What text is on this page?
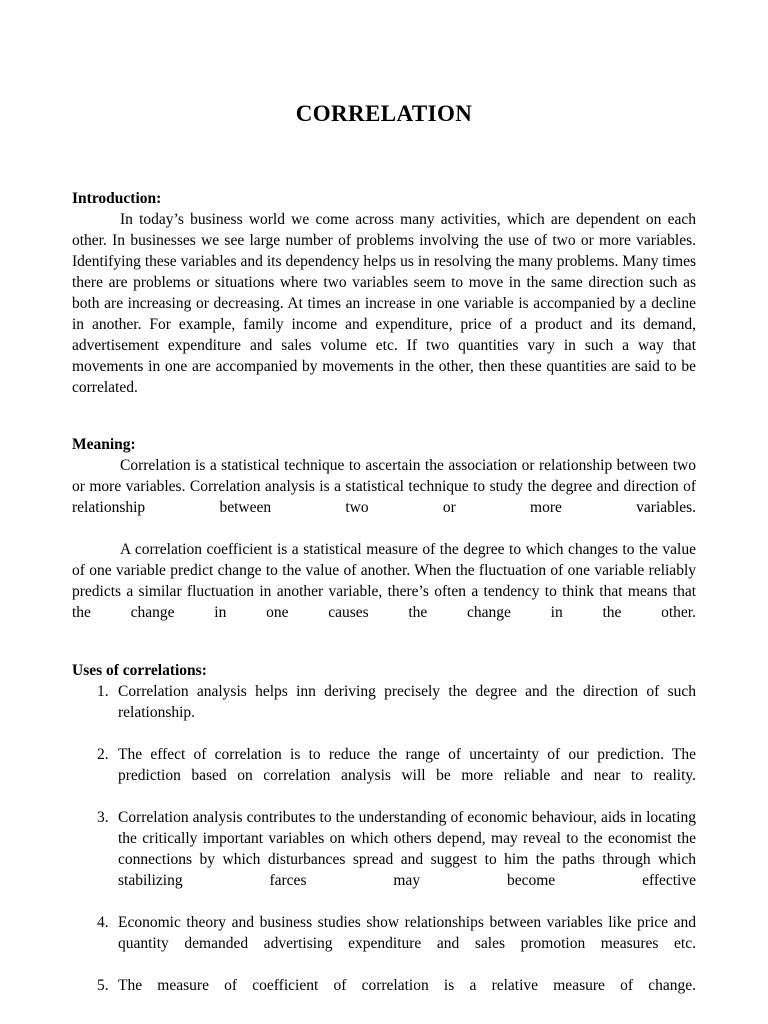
CORRELATION
Introduction:

In today’s business world we come across many activities, which are dependent on each other. In businesses we see large number of problems involving the use of two or more variables. Identifying these variables and its dependency helps us in resolving the many problems. Many times there are problems or situations where two variables seem to move in the same direction such as both are increasing or decreasing. At times an increase in one variable is accompanied by a decline in another. For example, family income and expenditure, price of a product and its demand, advertisement expenditure and sales volume etc. If two quantities vary in such a way that movements in one are accompanied by movements in the other, then these quantities are said to be correlated.

Meaning:

Correlation is a statistical technique to ascertain the association or relationship between two or more variables. Correlation analysis is a statistical technique to study the degree and direction of relationship between two or more variables.

A correlation coefficient is a statistical measure of the degree to which changes to the value of one variable predict change to the value of another. When the fluctuation of one variable reliably predicts a similar fluctuation in another variable, there’s often a tendency to think that means that the change in one causes the change in the other.

Uses of correlations:
Correlation analysis helps inn deriving precisely the degree and the direction of such relationship.
The effect of correlation is to reduce the range of uncertainty of our prediction. The prediction based on correlation analysis will be more reliable and near to reality.
Correlation analysis contributes to the understanding of economic behaviour, aids in locating the critically important variables on which others depend, may reveal to the economist the connections by which disturbances spread and suggest to him the paths through which stabilizing farces may become effective
Economic theory and business studies show relationships between variables like price and quantity demanded advertising expenditure and sales promotion measures etc.
The measure of coefficient of correlation is a relative measure of change.
